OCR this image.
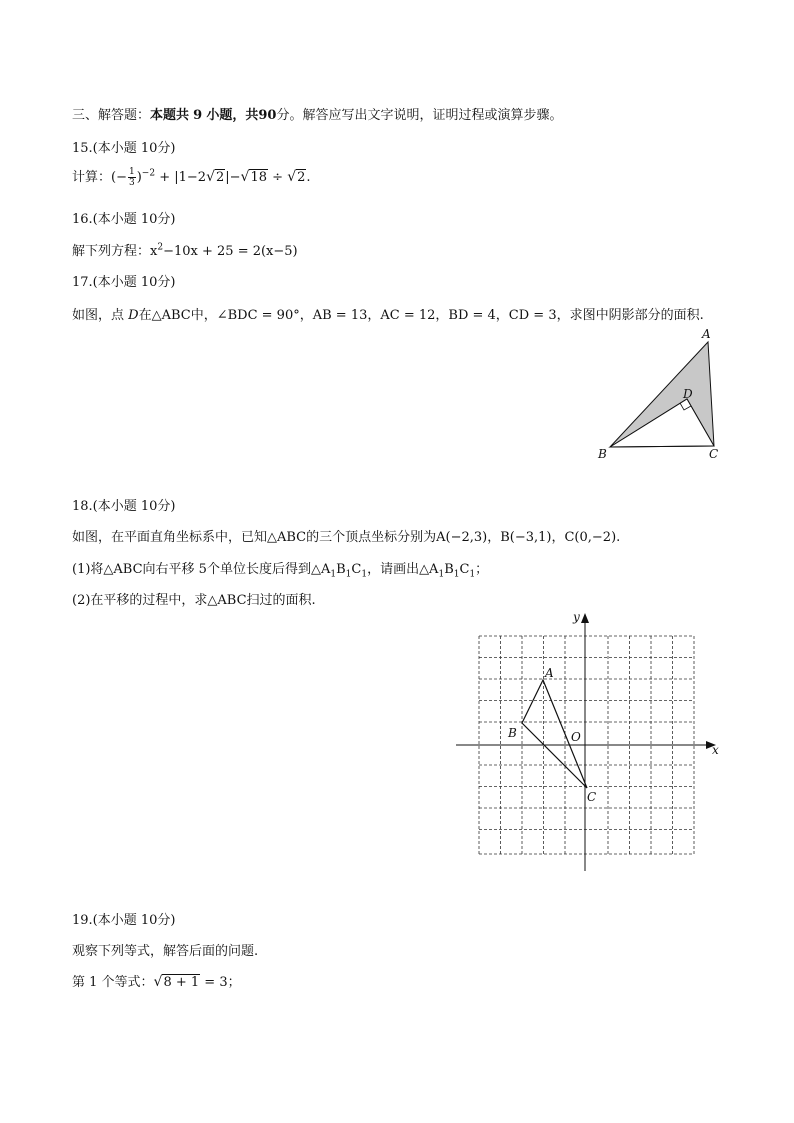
三、解答题：本题共 9 小题，共90分。解答应写出文字说明，证明过程或演算步骤。
15.(本小题 10分)
计算：(− $\frac{1}{3} )^{-2} + |1-2√2|-√18 \div √2$.
16.(本小题 10分)
解下列方程：$x^2-10x + 25 = 2(x-5)$
17.(本小题 10分)
如图，点 D在△ABC中，∠BDC = 90°，AB = 13，AC = 12，BD = 4，CD = 3，求图中阴影部分的面积.
A
D
B	C
18.(本小题 10分)
如图，在平面直角坐标系中，已知△ABC的三个顶点坐标分别为A(−2,3)，B(−3,1)，C(0,−2).
(1)将△ABC向右平移 5个单位长度后得到$\triangle A_1B_1C_1$，请画出$\triangle A_1B_1C_1$；
(2)在平移的过程中，求△ABC扫过的面积.
x
y
O
A
B
C
19.(本小题 10分)
观察下列等式，解答后面的问题.
第 1 个等式：√8 + 1 = 3；
